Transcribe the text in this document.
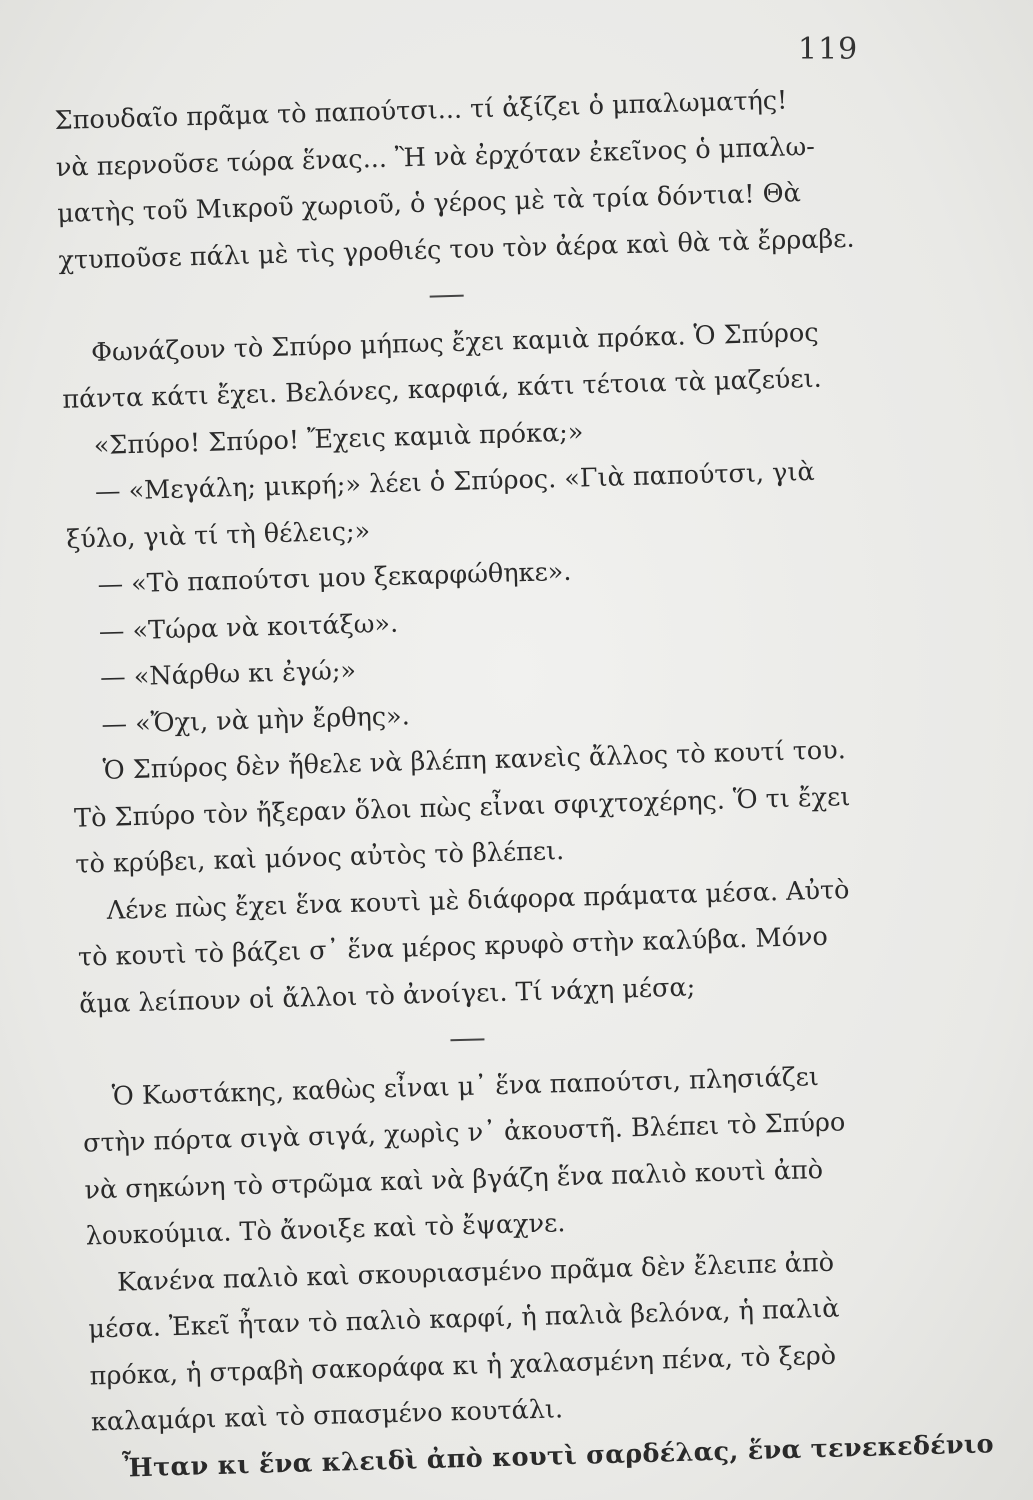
119
Σπουδαῖο πρᾶμα τὸ παπούτσι... τί ἀξίζει ὁ μπαλωματής!
νὰ περνοῦσε τώρα ἕνας... Ἢ νὰ ἐρχόταν ἐκεῖνος ὁ μπαλω-
ματὴς τοῦ Μικροῦ χωριοῦ, ὁ γέρος μὲ τὰ τρία δόντια! Θὰ
χτυποῦσε πάλι μὲ τὶς γροθιές του τὸν ἀέρα καὶ θὰ τὰ ἔρραβε.
Φωνάζουν τὸ Σπύρο μήπως ἔχει καμιὰ πρόκα. Ὁ Σπύρος
πάντα κάτι ἔχει. Βελόνες, καρφιά, κάτι τέτοια τὰ μαζεύει.
«Σπύρο! Σπύρο! Ἔχεις καμιὰ πρόκα;»
— «Μεγάλη; μικρή;» λέει ὁ Σπύρος. «Γιὰ παπούτσι, γιὰ
ξύλο, γιὰ τί τὴ θέλεις;»
— «Τὸ παπούτσι μου ξεκαρφώθηκε».
— «Τώρα νὰ κοιτάξω».
— «Νάρθω κι ἐγώ;»
— «Ὄχι, νὰ μὴν ἔρθης».
Ὁ Σπύρος δὲν ἤθελε νὰ βλέπη κανεὶς ἄλλος τὸ κουτί του.
Τὸ Σπύρο τὸν ἤξεραν ὅλοι πὼς εἶναι σφιχτοχέρης. Ὅ τι ἔχει
τὸ κρύβει, καὶ μόνος αὐτὸς τὸ βλέπει.
Λένε πὼς ἔχει ἕνα κουτὶ μὲ διάφορα πράματα μέσα. Αὐτὸ
τὸ κουτὶ τὸ βάζει σ᾿ ἕνα μέρος κρυφὸ στὴν καλύβα. Μόνο
ἅμα λείπουν οἱ ἄλλοι τὸ ἀνοίγει. Τί νάχη μέσα;
Ὁ Κωστάκης, καθὼς εἶναι μ᾿ ἕνα παπούτσι, πλησιάζει
στὴν πόρτα σιγὰ σιγά, χωρὶς ν᾿ ἀκουστῆ. Βλέπει τὸ Σπύρο
νὰ σηκώνη τὸ στρῶμα καὶ νὰ βγάζη ἕνα παλιὸ κουτὶ ἀπὸ
λουκούμια. Τὸ ἄνοιξε καὶ τὸ ἔψαχνε.
Κανένα παλιὸ καὶ σκουριασμένο πρᾶμα δὲν ἔλειπε ἀπὸ
μέσα. Ἐκεῖ ἦταν τὸ παλιὸ καρφί, ἡ παλιὰ βελόνα, ἡ παλιὰ
πρόκα, ἡ στραβὴ σακοράφα κι ἡ χαλασμένη πένα, τὸ ξερὸ
καλαμάρι καὶ τὸ σπασμένο κουτάλι.
Ἦταν κι ἕνα κλειδὶ ἀπὸ κουτὶ σαρδέλας, ἕνα τενεκεδένιο
